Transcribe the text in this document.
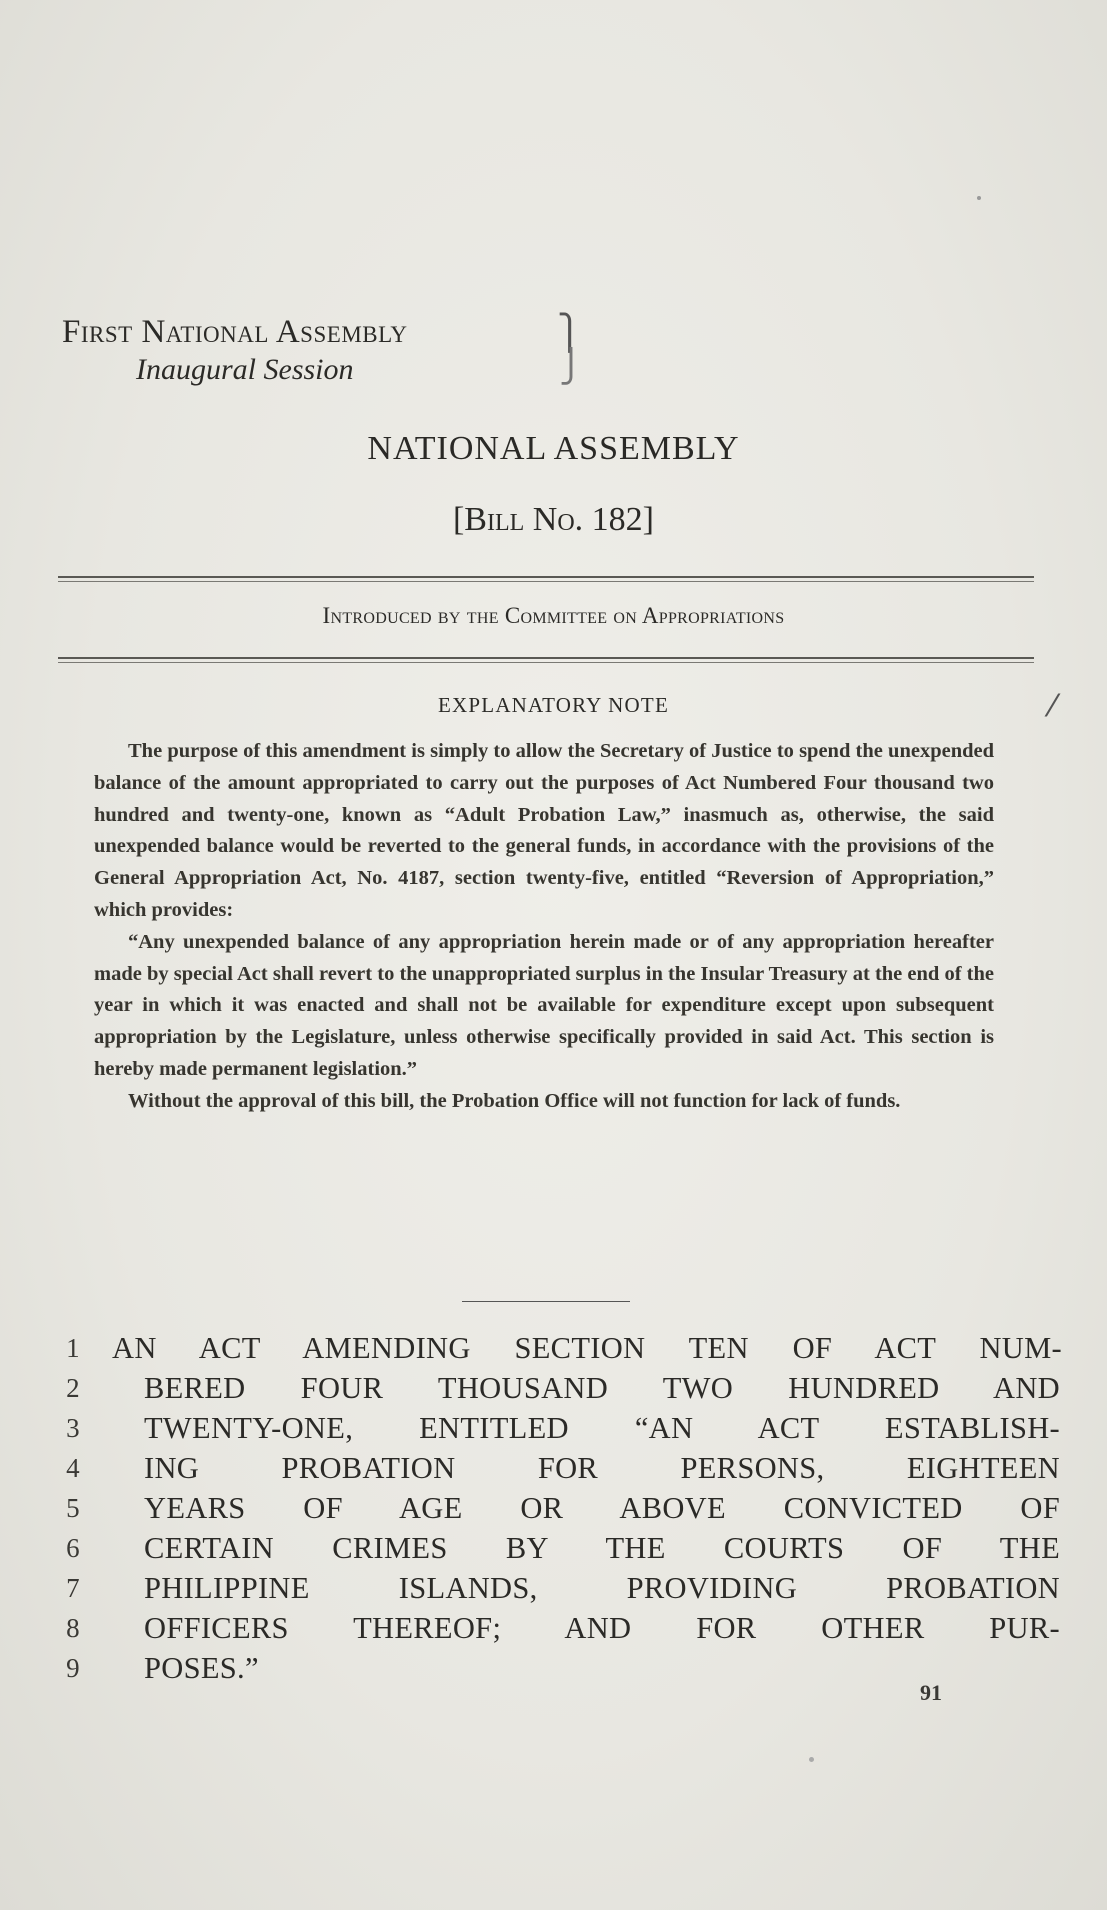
First National Assembly	⎫
Inaugural Session	⎭
NATIONAL ASSEMBLY
[Bill No. 182]
Introduced by the Committee on Appropriations
EXPLANATORY NOTE	⁄

The purpose of this amendment is simply to allow the Secretary of Justice to spend the unexpended balance of the amount appropriated to carry out the purposes of Act Numbered Four thousand two hundred and twenty-one, known as “Adult Probation Law,” inasmuch as, otherwise, the said unexpended balance would be reverted to the general funds, in accordance with the provisions of the General Appropriation Act, No. 4187, section twenty-five, entitled “Reversion of Appropriation,” which provides:

“Any unexpended balance of any appropriation herein made or of any appropriation hereafter made by special Act shall revert to the unappropriated surplus in the Insular Treasury at the end of the year in which it was enacted and shall not be available for expenditure except upon subsequent appropriation by the Legislature, unless otherwise specifically provided in said Act. This section is hereby made permanent legislation.”

Without the approval of this bill, the Probation Office will not function for lack of funds.

1 AN ACT AMENDING SECTION TEN OF ACT NUM-
2 BERED FOUR THOUSAND TWO HUNDRED AND
3 TWENTY-ONE, ENTITLED “AN ACT ESTABLISH-
4 ING PROBATION FOR PERSONS, EIGHTEEN
5 YEARS OF AGE OR ABOVE CONVICTED OF
6 CERTAIN CRIMES BY THE COURTS OF THE
7 PHILIPPINE ISLANDS, PROVIDING PROBATION
8 OFFICERS THEREOF; AND FOR OTHER PUR-
9 POSES.”
91
